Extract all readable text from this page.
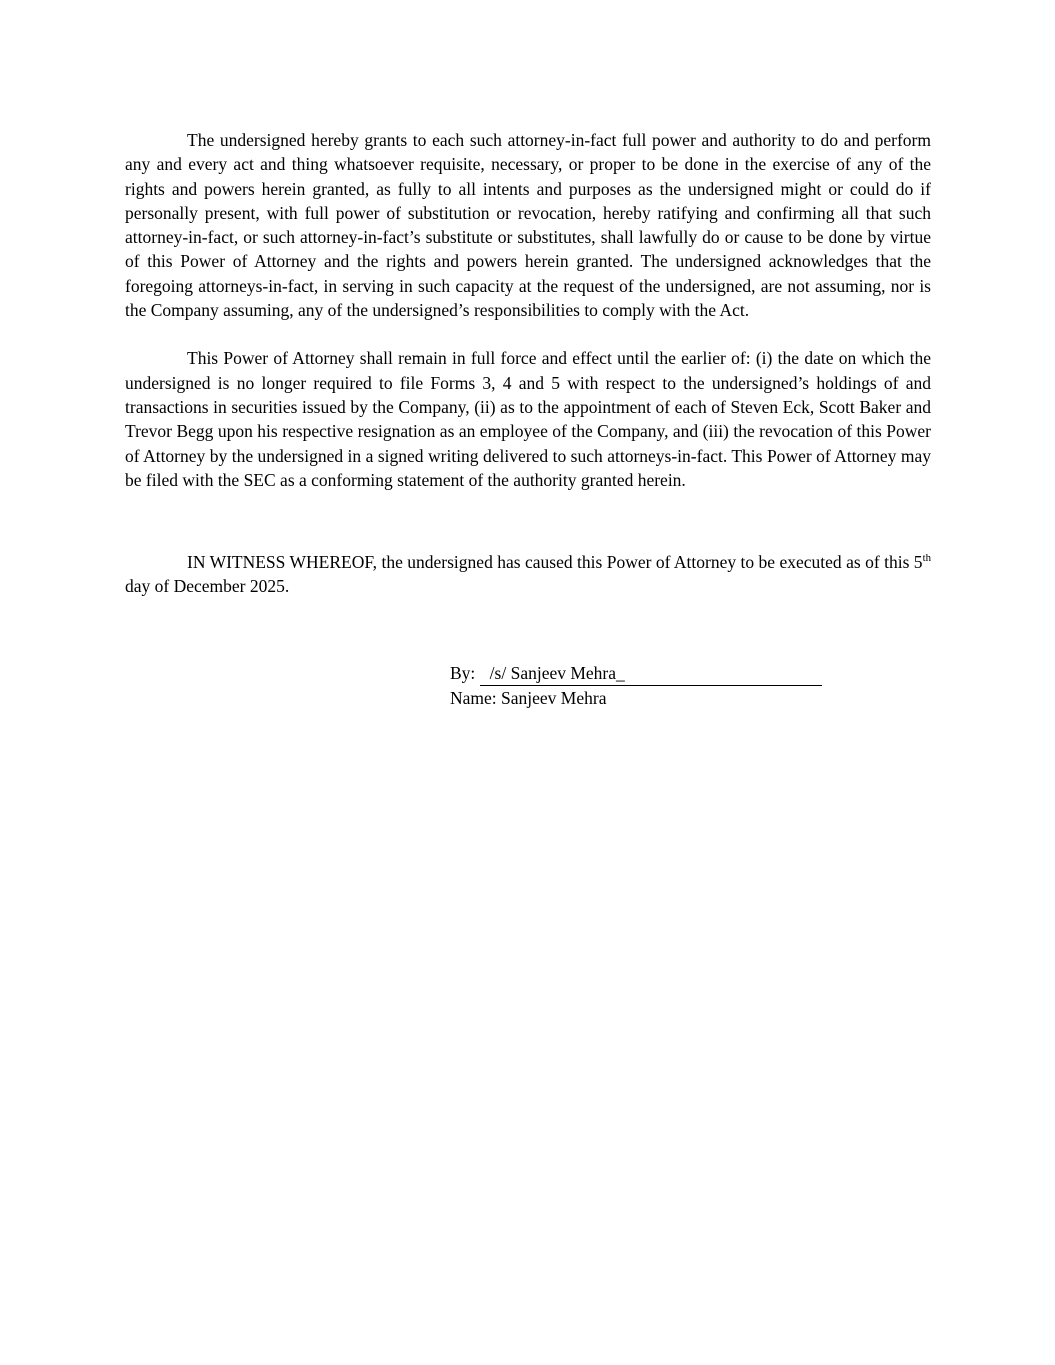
The undersigned hereby grants to each such attorney-in-fact full power and authority to do and perform any and every act and thing whatsoever requisite, necessary, or proper to be done in the exercise of any of the rights and powers herein granted, as fully to all intents and purposes as the undersigned might or could do if personally present, with full power of substitution or revocation, hereby ratifying and confirming all that such attorney-in-fact, or such attorney-in-fact’s substitute or substitutes, shall lawfully do or cause to be done by virtue of this Power of Attorney and the rights and powers herein granted. The undersigned acknowledges that the foregoing attorneys-in-fact, in serving in such capacity at the request of the undersigned, are not assuming, nor is the Company assuming, any of the undersigned’s responsibilities to comply with the Act.

This Power of Attorney shall remain in full force and effect until the earlier of: (i) the date on which the undersigned is no longer required to file Forms 3, 4 and 5 with respect to the undersigned’s holdings of and transactions in securities issued by the Company, (ii) as to the appointment of each of Steven Eck, Scott Baker and Trevor Begg upon his respective resignation as an employee of the Company, and (iii) the revocation of this Power of Attorney by the undersigned in a signed writing delivered to such attorneys-in-fact. This Power of Attorney may be filed with the SEC as a conforming statement of the authority granted herein.

IN WITNESS WHEREOF, the undersigned has caused this Power of Attorney to be executed as of this 5th day of December 2025.

By: /s/ Sanjeev Mehra_
Name: Sanjeev Mehra
